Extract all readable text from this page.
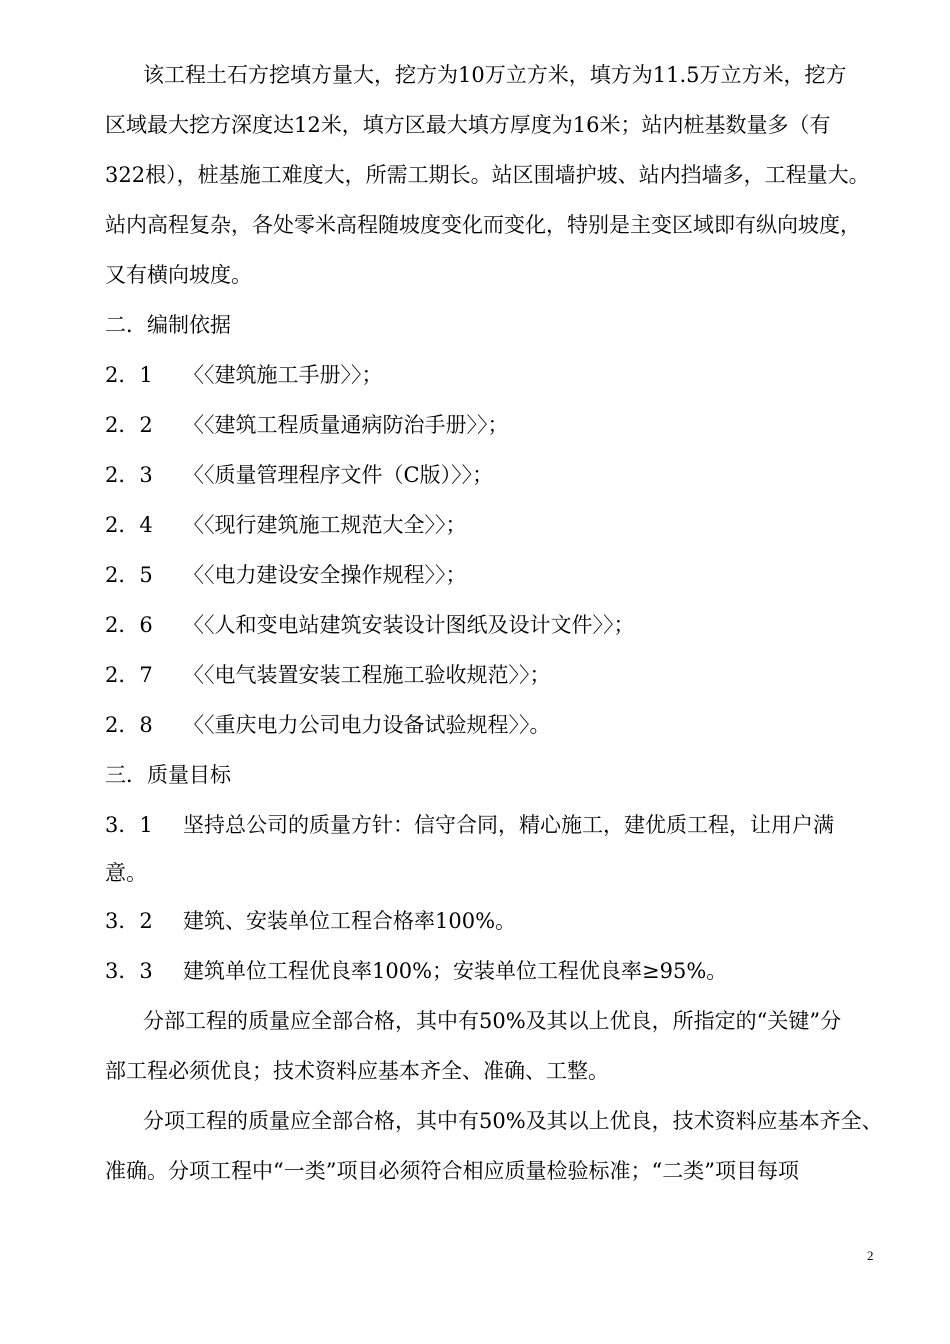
该工程土石方挖填方量大，挖方为10万立方米，填方为11.5万立方米，挖方
区域最大挖方深度达12米，填方区最大填方厚度为16米；站内桩基数量多（有
322根），桩基施工难度大，所需工期长。站区围墙护坡、站内挡墙多，工程量大。
站内高程复杂，各处零米高程随坡度变化而变化，特别是主变区域即有纵向坡度，
又有横向坡度。
二．编制依据
2．1 〈〈建筑施工手册〉〉；
2．2 〈〈建筑工程质量通病防治手册〉〉；
2．3 〈〈质量管理程序文件（C版）〉〉；
2．4 〈〈现行建筑施工规范大全〉〉；
2．5 〈〈电力建设安全操作规程〉〉；
2．6 〈〈人和变电站建筑安装设计图纸及设计文件〉〉；
2．7 〈〈电气装置安装工程施工验收规范〉〉；
2．8 〈〈重庆电力公司电力设备试验规程〉〉。
三．质量目标
3．1 坚持总公司的质量方针：信守合同，精心施工，建优质工程，让用户满
意。
3．2 建筑、安装单位工程合格率100%。
3．3 建筑单位工程优良率100%；安装单位工程优良率≥95%。
分部工程的质量应全部合格，其中有50%及其以上优良，所指定的“关键”分
部工程必须优良；技术资料应基本齐全、准确、工整。
分项工程的质量应全部合格，其中有50%及其以上优良，技术资料应基本齐全、
准确。分项工程中“一类”项目必须符合相应质量检验标准；“二类”项目每项
2
